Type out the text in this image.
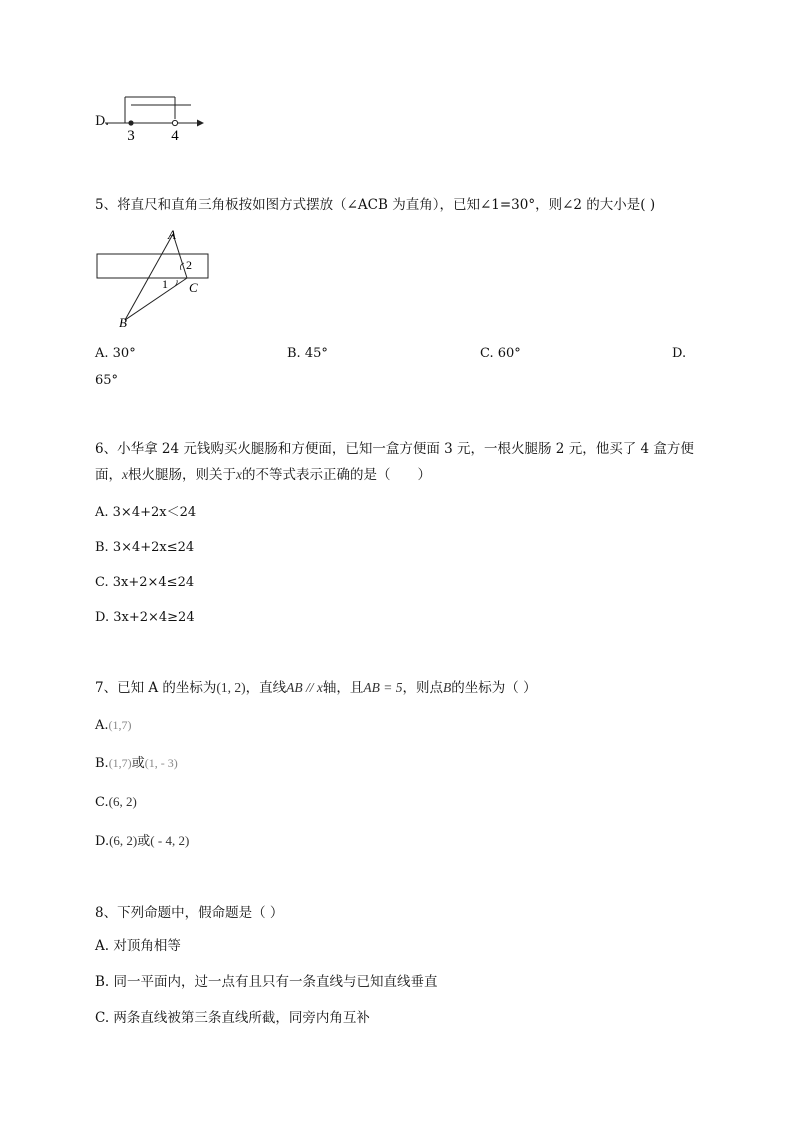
D.
3 4
5、将直尺和直角三角板按如图方式摆放（∠ACB 为直角），已知∠1=30°，则∠2 的大小是( )
A
B
C
1
2
A. 30°	B. 45°	C. 60°	D.
65°
6、小华拿 24 元钱购买火腿肠和方便面，已知一盒方便面 3 元，一根火腿肠 2 元，他买了 4 盒方便
面，x根火腿肠，则关于x的不等式表示正确的是（　　）
A. 3×4+2x＜24
B. 3×4+2x≤24
C. 3x+2×4≤24
D. 3x+2×4≥24
7、已知 A 的坐标为(1, 2)，直线AB // x轴，且AB = 5，则点B的坐标为（ ）
A.(1,7)
B.(1,7)或(1, - 3)
C.(6, 2)
D.(6, 2)或( - 4, 2)
8、下列命题中，假命题是（ ）
A. 对顶角相等
B. 同一平面内，过一点有且只有一条直线与已知直线垂直
C. 两条直线被第三条直线所截，同旁内角互补
